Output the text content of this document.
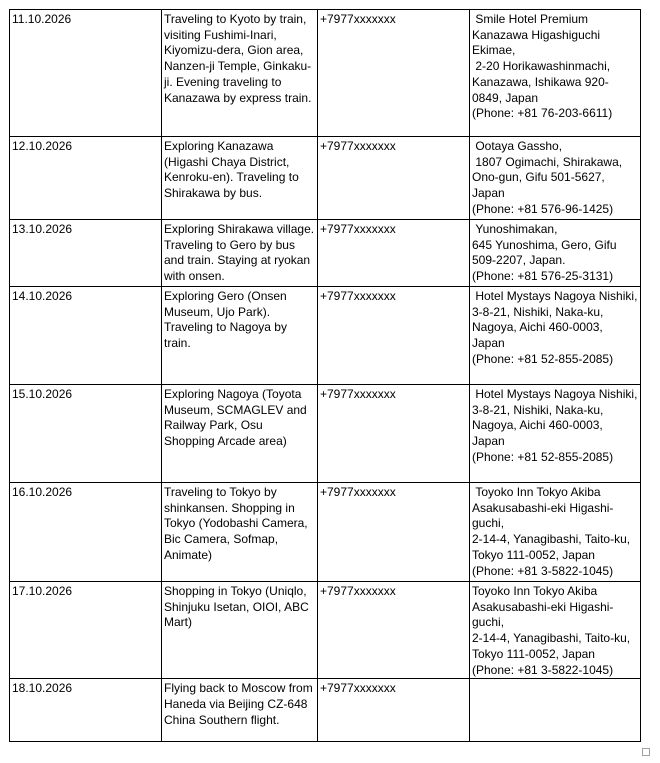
11.10.2026	Traveling to Kyoto by train, visiting Fushimi-Inari, Kiyomizu-dera, Gion area, Nanzen-ji Temple, Ginkaku-ji. Evening traveling to Kanazawa by express train.	+7977xxxxxxx	Smile Hotel Premium Kanazawa Higashiguchi Ekimae,
2-20 Horikawashinmachi, Kanazawa, Ishikawa 920-0849, Japan
(Phone: +81 76-203-6611)

12.10.2026	Exploring Kanazawa (Higashi Chaya District, Kenroku-en). Traveling to Shirakawa by bus.	+7977xxxxxxx	Ootaya Gassho,
1807 Ogimachi, Shirakawa, Ono-gun, Gifu 501-5627, Japan
(Phone: +81 576-96-1425)

13.10.2026	Exploring Shirakawa village. Traveling to Gero by bus and train. Staying at ryokan with onsen.	+7977xxxxxxx	Yunoshimakan,
645 Yunoshima, Gero, Gifu 509-2207, Japan.
(Phone: +81 576-25-3131)

14.10.2026	Exploring Gero (Onsen Museum, Ujo Park). Traveling to Nagoya by train.	+7977xxxxxxx	Hotel Mystays Nagoya Nishiki,
3-8-21, Nishiki, Naka-ku, Nagoya, Aichi 460-0003, Japan
(Phone: +81 52-855-2085)

15.10.2026	Exploring Nagoya (Toyota Museum, SCMAGLEV and Railway Park, Osu Shopping Arcade area)	+7977xxxxxxx	Hotel Mystays Nagoya Nishiki,
3-8-21, Nishiki, Naka-ku, Nagoya, Aichi 460-0003, Japan
(Phone: +81 52-855-2085)

16.10.2026	Traveling to Tokyo by shinkansen. Shopping in Tokyo (Yodobashi Camera, Bic Camera, Sofmap, Animate)	+7977xxxxxxx	Toyoko Inn Tokyo Akiba Asakusabashi-eki Higashi-guchi,
2-14-4, Yanagibashi, Taito-ku, Tokyo 111-0052, Japan
(Phone: +81 3-5822-1045)

17.10.2026	Shopping in Tokyo (Uniqlo, Shinjuku Isetan, OIOI, ABC Mart)	+7977xxxxxxx	Toyoko Inn Tokyo Akiba Asakusabashi-eki Higashi-guchi,
2-14-4, Yanagibashi, Taito-ku, Tokyo 111-0052, Japan
(Phone: +81 3-5822-1045)

18.10.2026	Flying back to Moscow from Haneda via Beijing CZ-648 China Southern flight.	+7977xxxxxxx	
